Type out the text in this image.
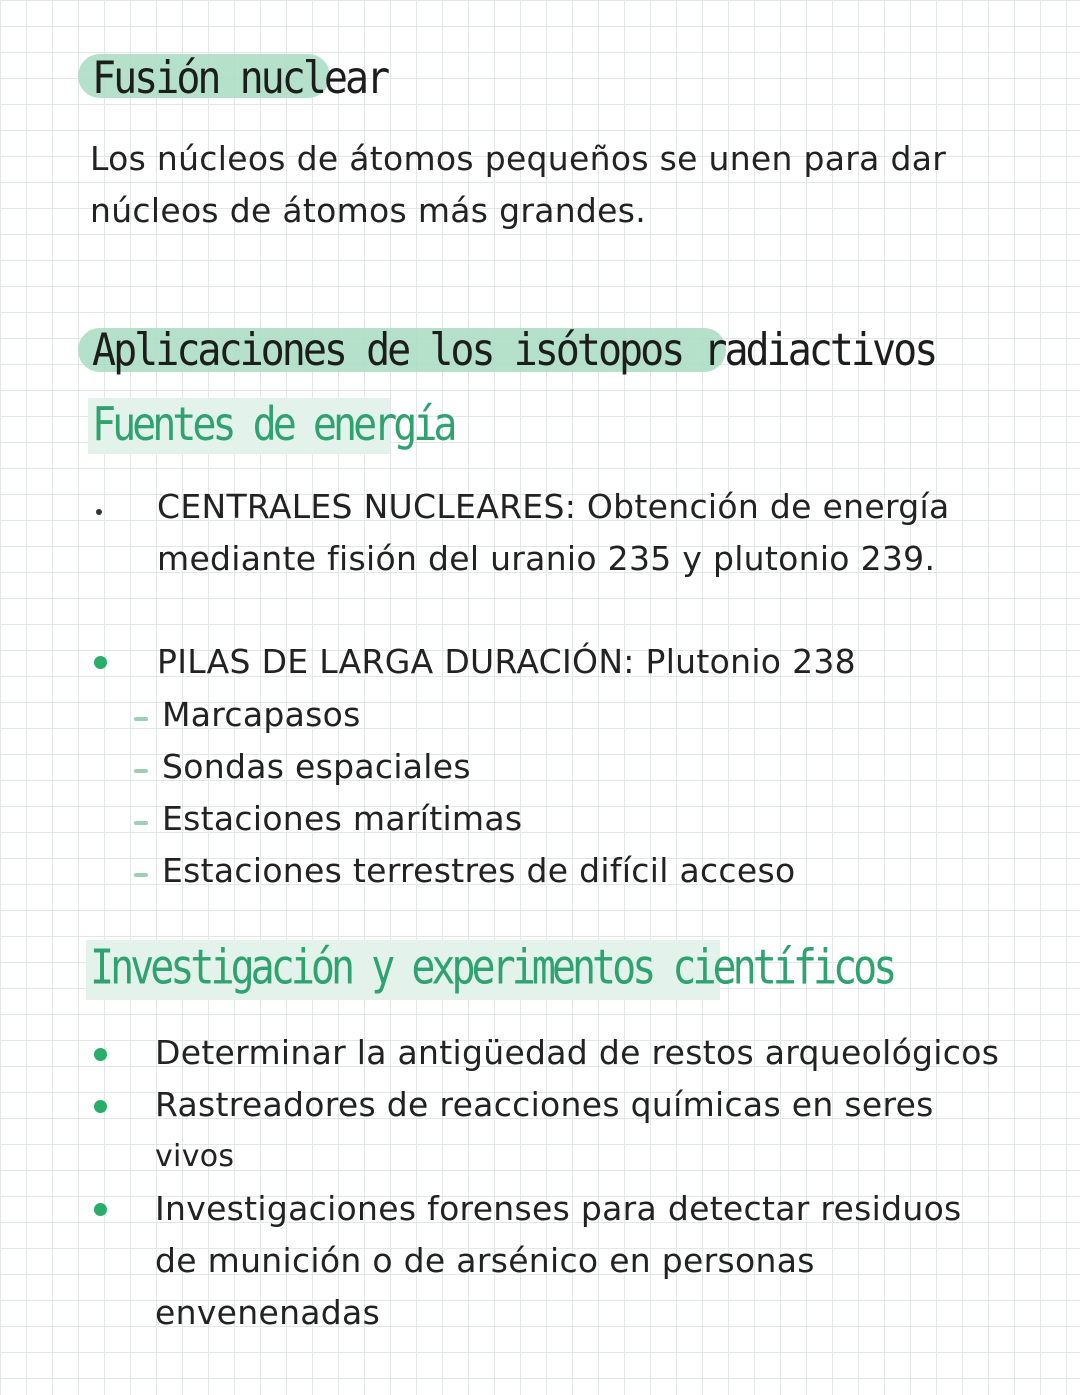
Fusión nuclear
Los núcleos de átomos pequeños se unen para dar
núcleos de átomos más grandes.
Aplicaciones de los isótopos radiactivos
Fuentes de energía
CENTRALES NUCLEARES: Obtención de energía
mediante fisión del uranio 235 y plutonio 239.
PILAS DE LARGA DURACIÓN: Plutonio 238
Marcapasos
Sondas espaciales
Estaciones marítimas
Estaciones terrestres de difícil acceso
Investigación y experimentos científicos
Determinar la antigüedad de restos arqueológicos
Rastreadores de reacciones químicas en seres
vivos
Investigaciones forenses para detectar residuos
de munición o de arsénico en personas
envenenadas
